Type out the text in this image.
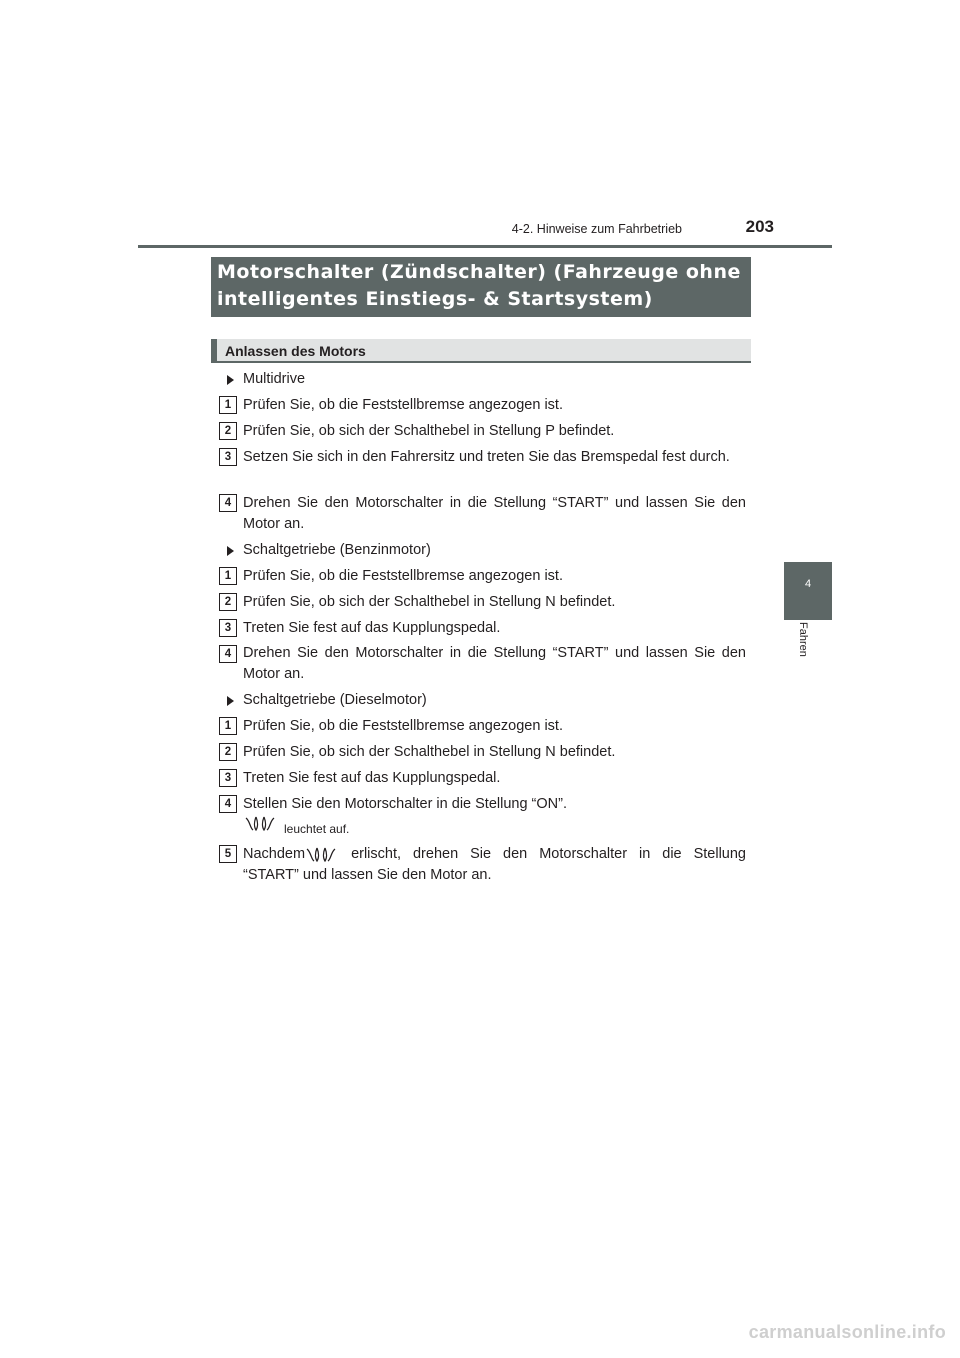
4-2. Hinweise zum Fahrbetrieb	203
4
Fahren
Motorschalter (Zündschalter) (Fahrzeuge ohne intelligentes Einstiegs- & Startsystem)
Anlassen des Motors
Multidrive
1 Prüfen Sie, ob die Feststellbremse angezogen ist.
2 Prüfen Sie, ob sich der Schalthebel in Stellung P befindet.
3 Setzen Sie sich in den Fahrersitz und treten Sie das Bremspedal fest durch.
4 Drehen Sie den Motorschalter in die Stellung “START” und lassen Sie den Motor an.
Schaltgetriebe (Benzinmotor)
1 Prüfen Sie, ob die Feststellbremse angezogen ist.
2 Prüfen Sie, ob sich der Schalthebel in Stellung N befindet.
3 Treten Sie fest auf das Kupplungspedal.
4 Drehen Sie den Motorschalter in die Stellung “START” und lassen Sie den Motor an.
Schaltgetriebe (Dieselmotor)
1 Prüfen Sie, ob die Feststellbremse angezogen ist.
2 Prüfen Sie, ob sich der Schalthebel in Stellung N befindet.
3 Treten Sie fest auf das Kupplungspedal.
4 Stellen Sie den Motorschalter in die Stellung “ON”.
leuchtet auf.
5 Nachdem	erlischt, drehen Sie den Motorschalter in die Stellung
“START” und lassen Sie den Motor an.
carmanualsonline.info
